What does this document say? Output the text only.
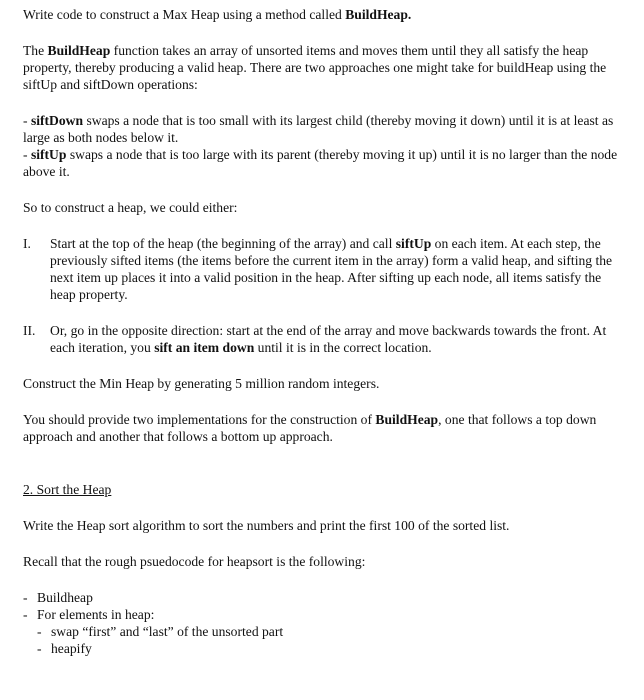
Write code to construct a Max Heap using a method called BuildHeap.

The BuildHeap function takes an array of unsorted items and moves them until they all satisfy the heap property, thereby producing a valid heap. There are two approaches one might take for buildHeap using the siftUp and siftDown operations:

- siftDown swaps a node that is too small with its largest child (thereby moving it down) until it is at least as large as both nodes below it.

- siftUp swaps a node that is too large with its parent (thereby moving it up) until it is no larger than the node above it.

So to construct a heap, we could either:

I.	Start at the top of the heap (the beginning of the array) and call siftUp on each item. At each step, the previously sifted items (the items before the current item in the array) form a valid heap, and sifting the next item up places it into a valid position in the heap. After sifting up each node, all items satisfy the heap property.

II.	Or, go in the opposite direction: start at the end of the array and move backwards towards the front. At each iteration, you sift an item down until it is in the correct location.

Construct the Min Heap by generating 5 million random integers.

You should provide two implementations for the construction of BuildHeap, one that follows a top down approach and another that follows a bottom up approach.

2. Sort the Heap

Write the Heap sort algorithm to sort the numbers and print the first 100 of the sorted list.

Recall that the rough psuedocode for heapsort is the following:

- Buildheap
- For elements in heap:
- swap “first” and “last” of the unsorted part
- heapify
